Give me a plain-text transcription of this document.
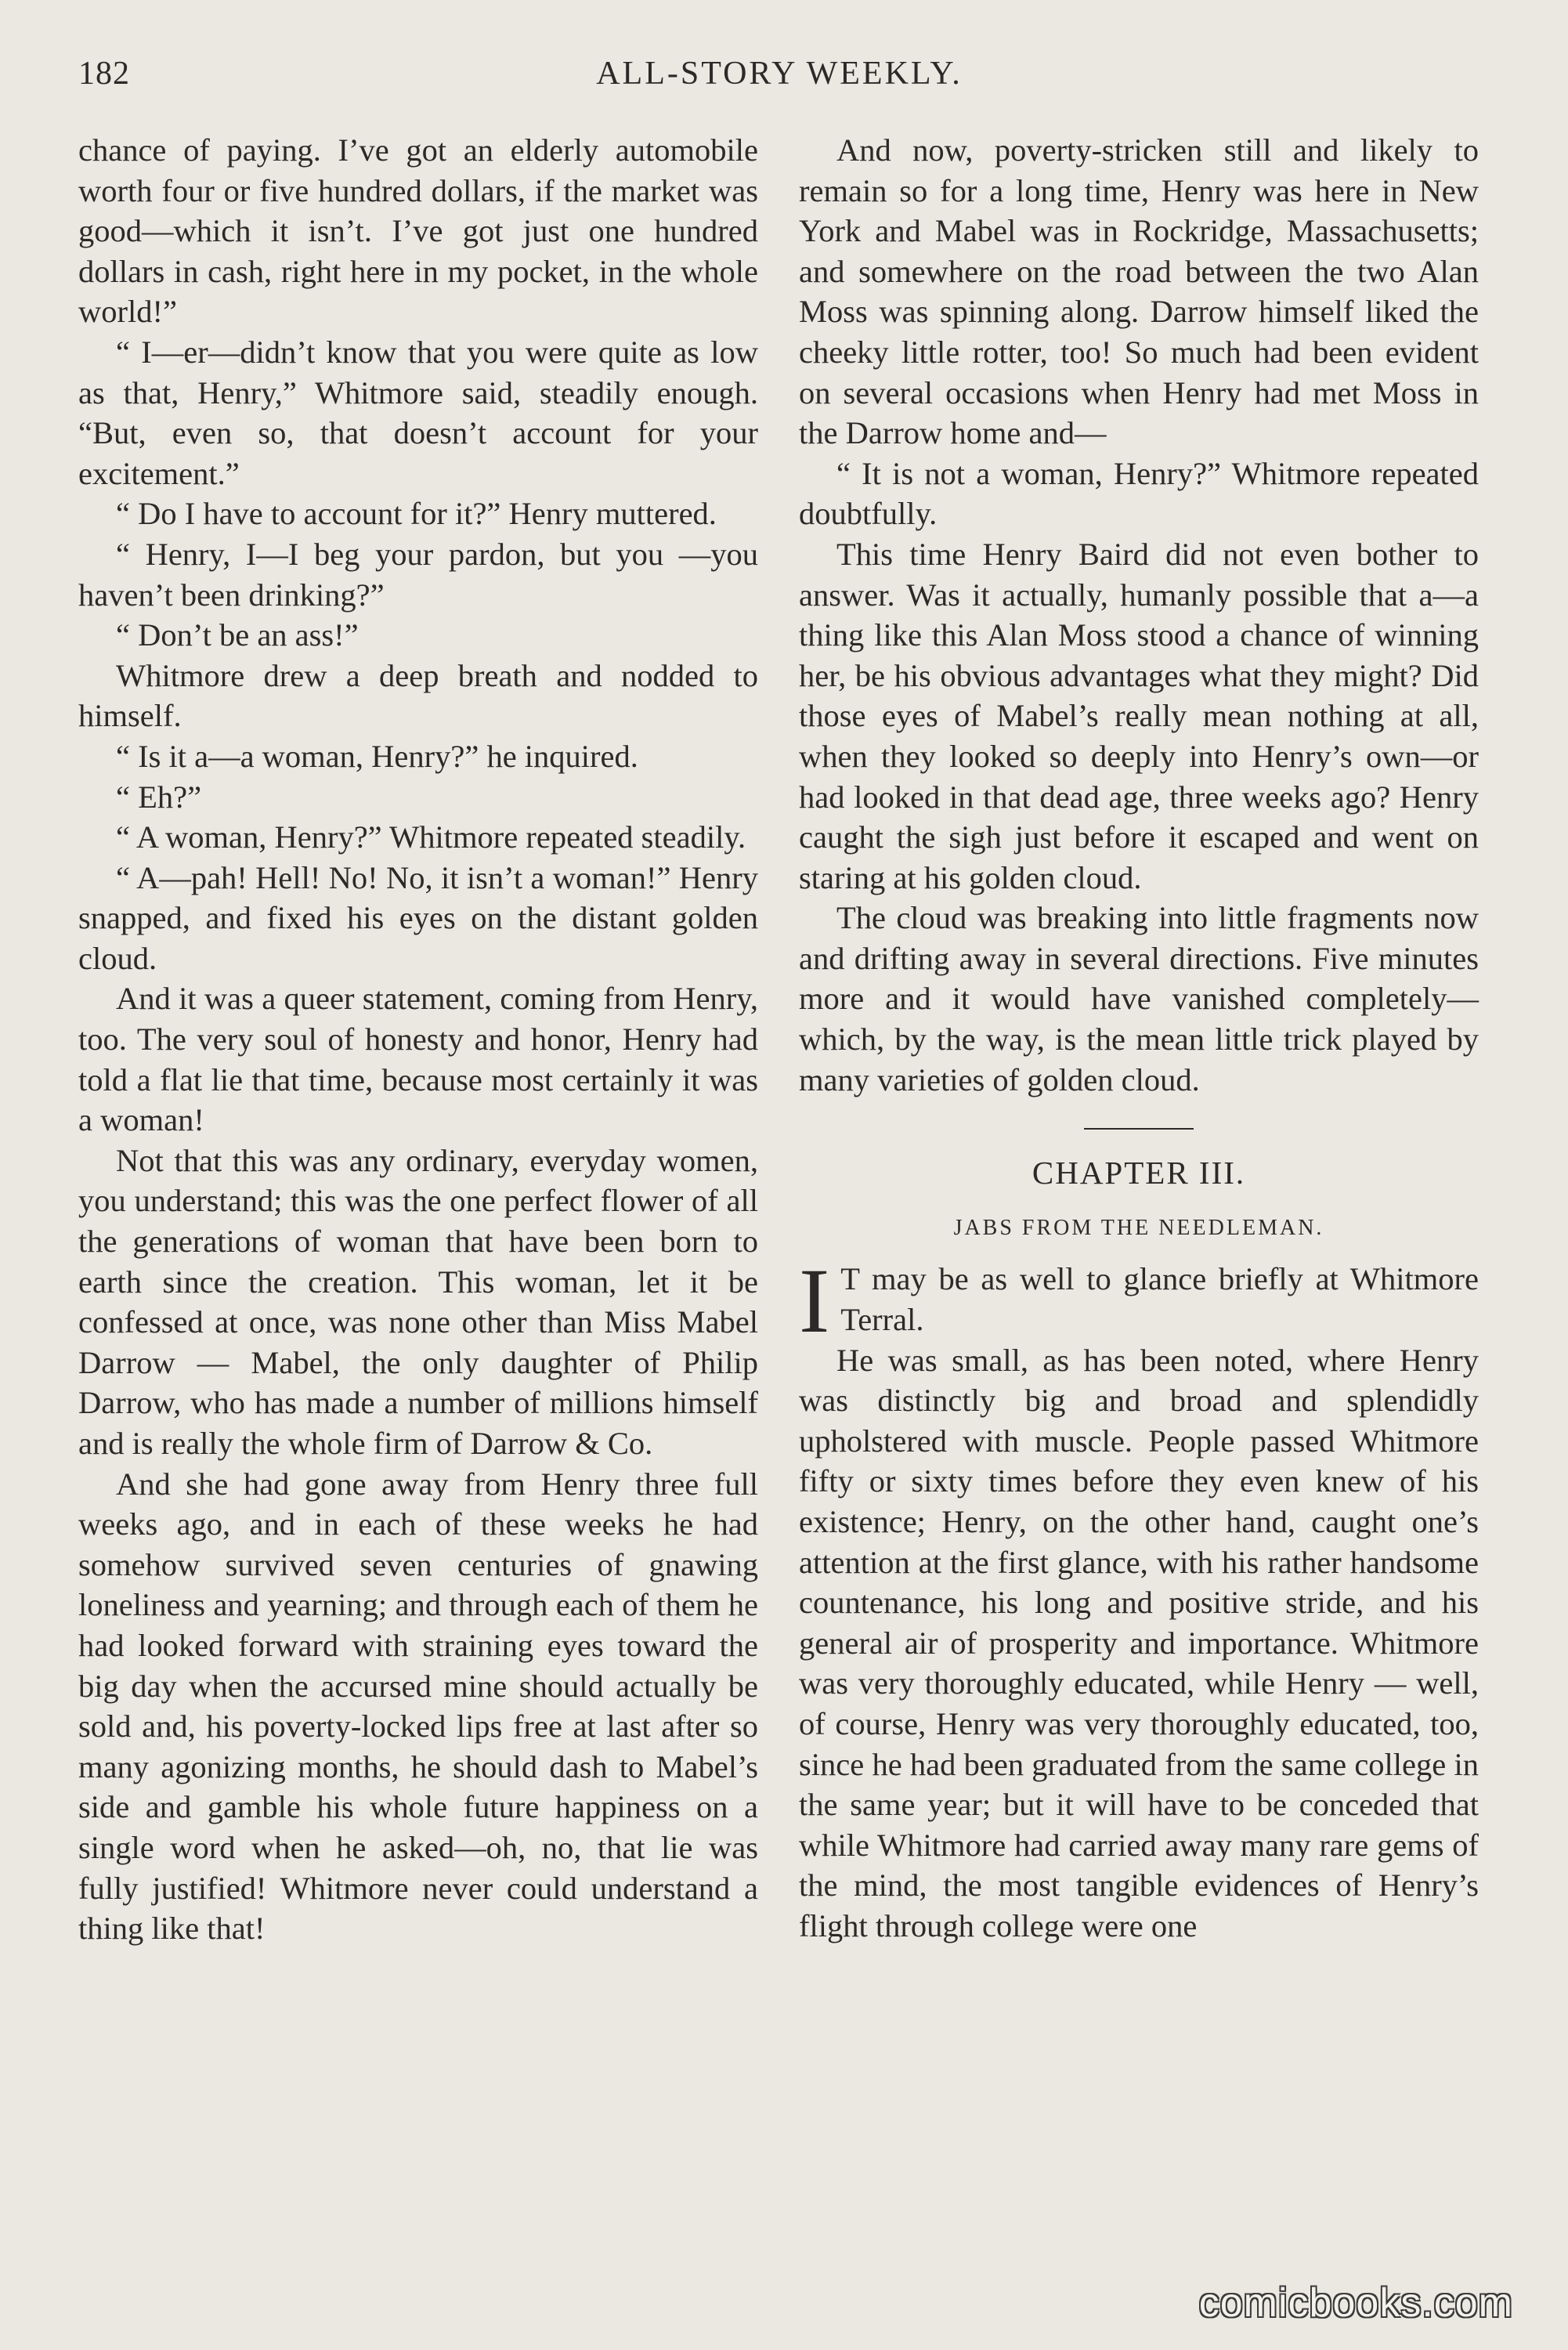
182	ALL-STORY WEEKLY.

chance of paying. I’ve got an elderly automobile worth four or five hundred dollars, if the market was good—which it isn’t. I’ve got just one hundred dollars in cash, right here in my pocket, in the whole world!”

“ I—er—didn’t know that you were quite as low as that, Henry,” Whitmore said, steadily enough. “But, even so, that doesn’t account for your excitement.”

“ Do I have to account for it?” Henry muttered.

“ Henry, I—I beg your pardon, but you —you haven’t been drinking?”

“ Don’t be an ass!”

Whitmore drew a deep breath and nodded to himself.

“ Is it a—a woman, Henry?” he inquired.

“ Eh?”

“ A woman, Henry?” Whitmore repeated steadily.

“ A—pah! Hell! No! No, it isn’t a woman!” Henry snapped, and fixed his eyes on the distant golden cloud.

And it was a queer statement, coming from Henry, too. The very soul of honesty and honor, Henry had told a flat lie that time, because most certainly it was a woman!

Not that this was any ordinary, everyday women, you understand; this was the one perfect flower of all the generations of woman that have been born to earth since the creation. This woman, let it be confessed at once, was none other than Miss Mabel Darrow — Mabel, the only daughter of Philip Darrow, who has made a number of millions himself and is really the whole firm of Darrow & Co.

And she had gone away from Henry three full weeks ago, and in each of these weeks he had somehow survived seven centuries of gnawing loneliness and yearning; and through each of them he had looked forward with straining eyes toward the big day when the accursed mine should actually be sold and, his poverty-locked lips free at last after so many agonizing months, he should dash to Mabel’s side and gamble his whole future happiness on a single word when he asked—oh, no, that lie was fully justified! Whitmore never could understand a thing like that!

And now, poverty-stricken still and likely to remain so for a long time, Henry was here in New York and Mabel was in Rockridge, Massachusetts; and somewhere on the road between the two Alan Moss was spinning along. Darrow himself liked the cheeky little rotter, too! So much had been evident on several occasions when Henry had met Moss in the Darrow home and—

“ It is not a woman, Henry?” Whitmore repeated doubtfully.

This time Henry Baird did not even bother to answer. Was it actually, humanly possible that a—a thing like this Alan Moss stood a chance of winning her, be his obvious advantages what they might? Did those eyes of Mabel’s really mean nothing at all, when they looked so deeply into Henry’s own—or had looked in that dead age, three weeks ago? Henry caught the sigh just before it escaped and went on staring at his golden cloud.

The cloud was breaking into little fragments now and drifting away in several directions. Five minutes more and it would have vanished completely—which, by the way, is the mean little trick played by many varieties of golden cloud.

CHAPTER III.
JABS FROM THE NEEDLEMAN.

I T may be as well to glance briefly at Whitmore Terral.

He was small, as has been noted, where Henry was distinctly big and broad and splendidly upholstered with muscle. People passed Whitmore fifty or sixty times before they even knew of his existence; Henry, on the other hand, caught one’s attention at the first glance, with his rather handsome countenance, his long and positive stride, and his general air of prosperity and importance. Whitmore was very thoroughly educated, while Henry — well, of course, Henry was very thoroughly educated, too, since he had been graduated from the same college in the same year; but it will have to be conceded that while Whitmore had carried away many rare gems of the mind, the most tangible evidences of Henry’s flight through college were one

comicbooks.com
